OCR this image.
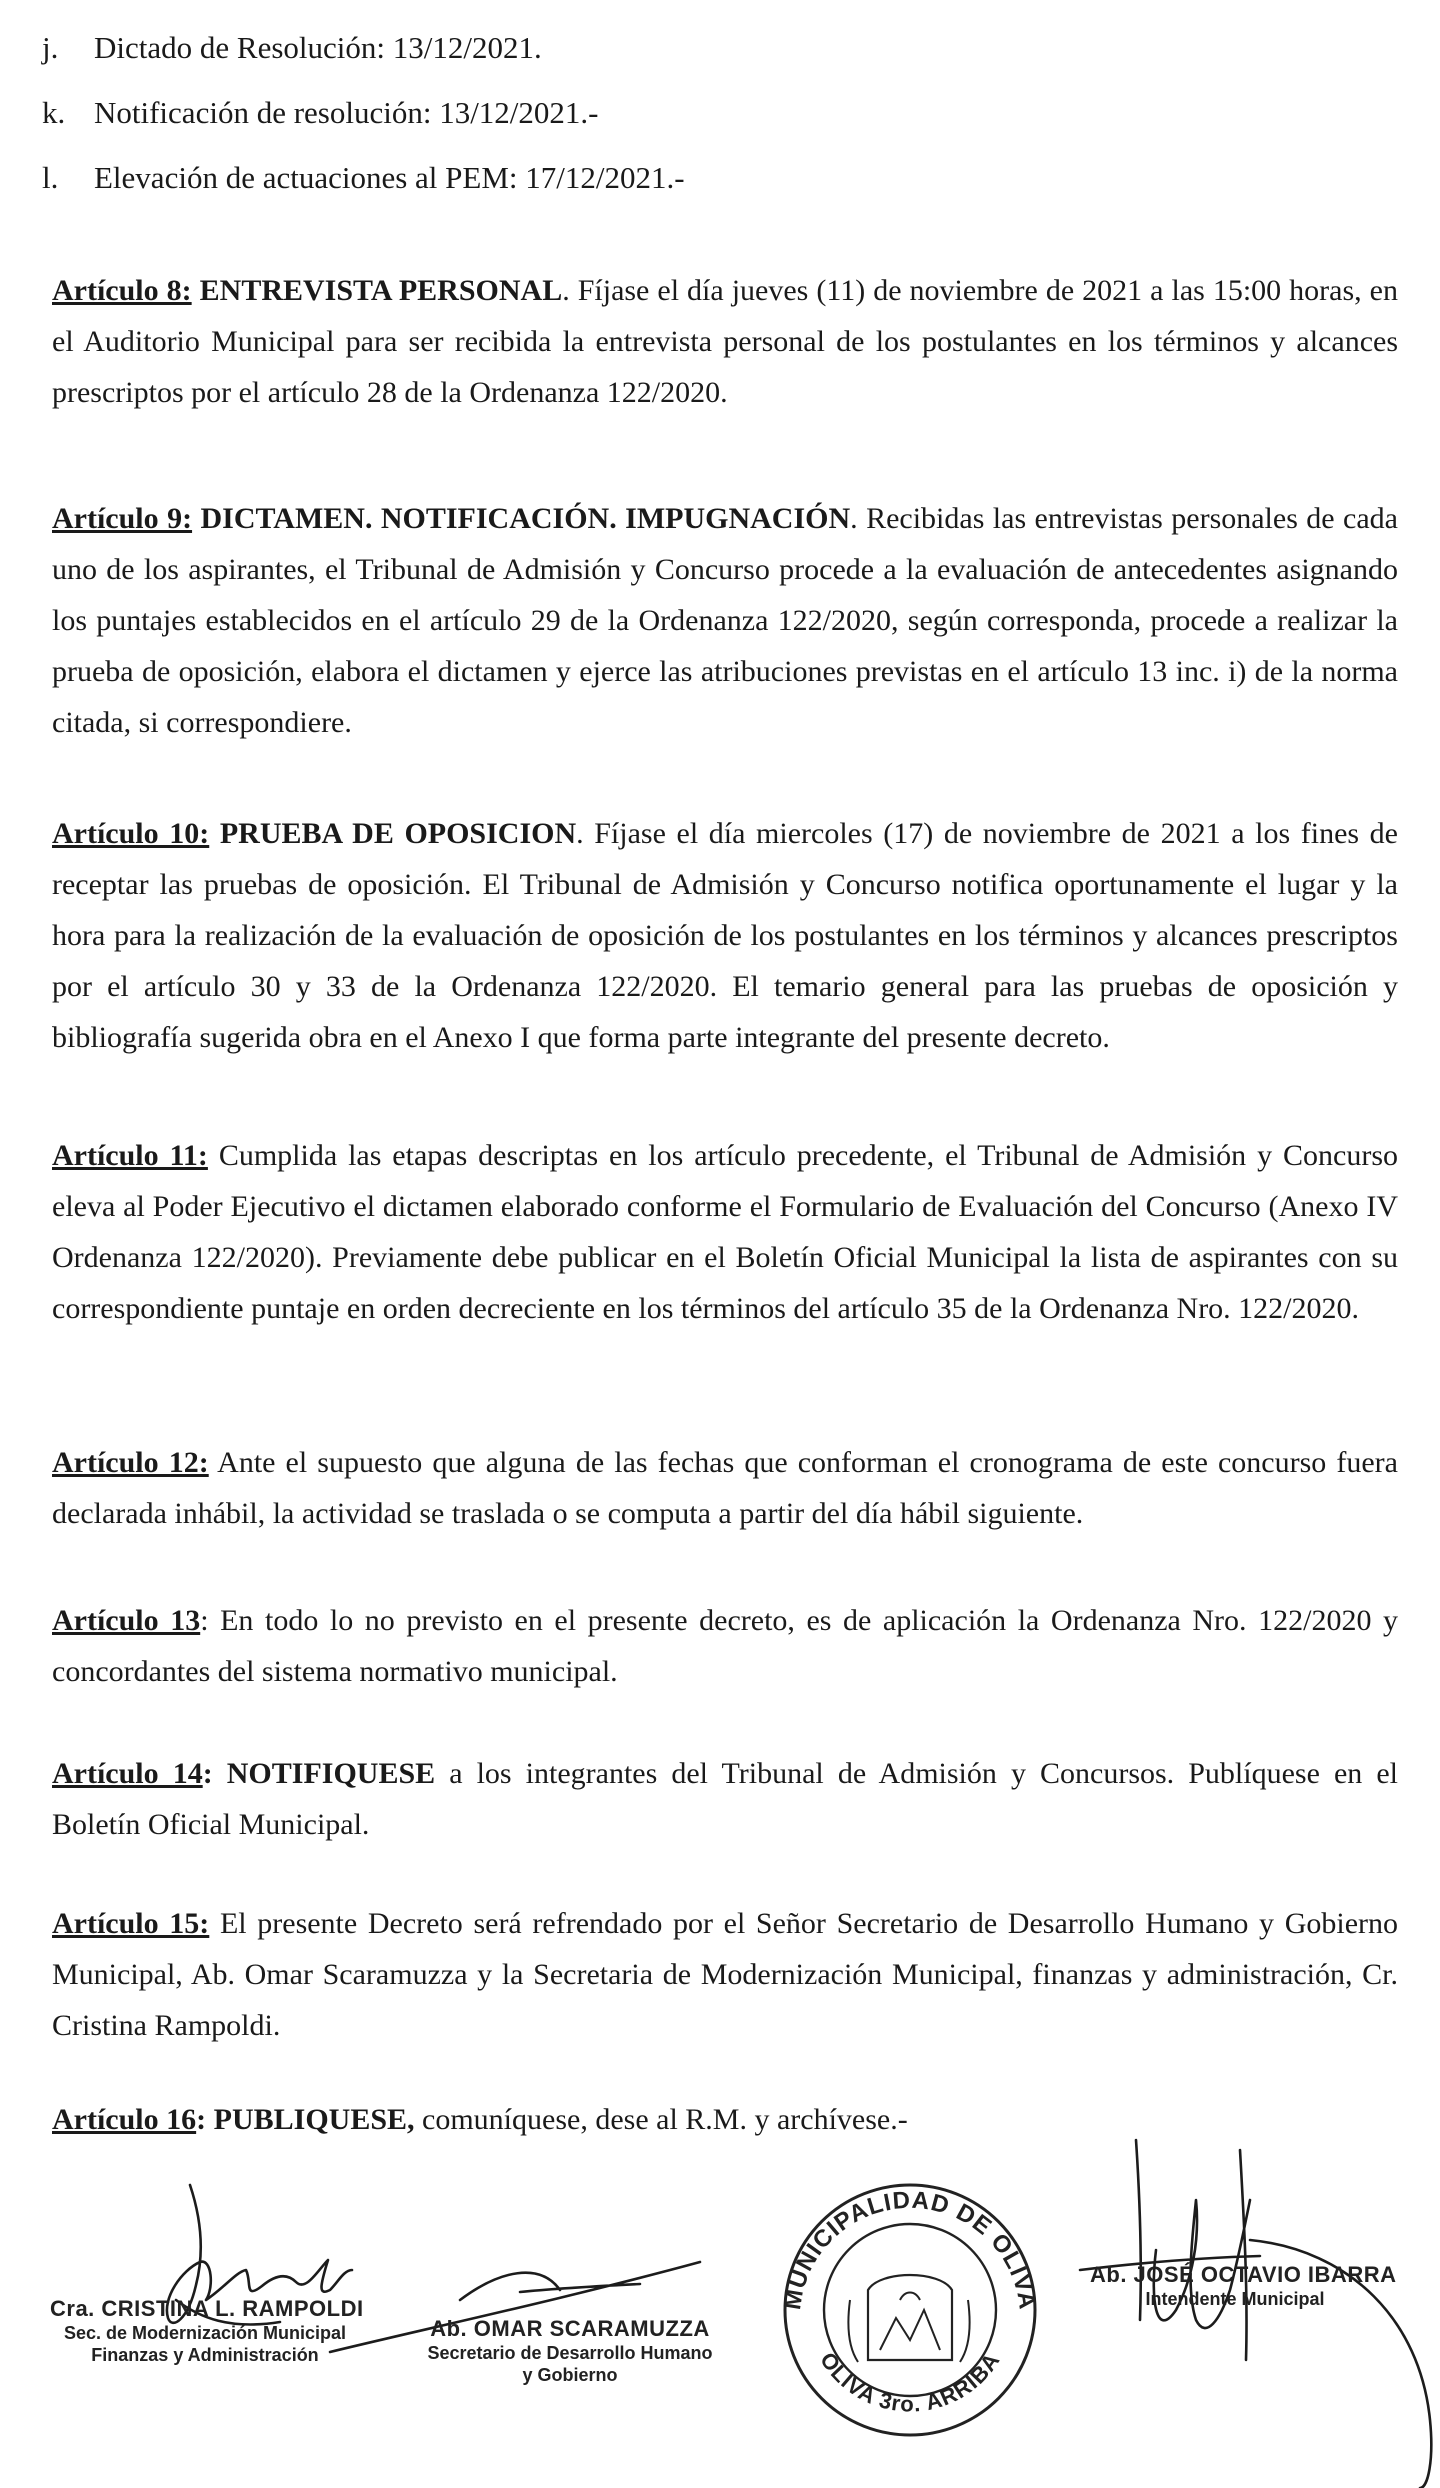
j. Dictado de Resolución: 13/12/2021.
k. Notificación de resolución: 13/12/2021.-
l. Elevación de actuaciones al PEM: 17/12/2021.-
Artículo 8: ENTREVISTA PERSONAL. Fíjase el día jueves (11) de noviembre de 2021 a las 15:00 horas, en el Auditorio Municipal para ser recibida la entrevista personal de los postulantes en los términos y alcances prescriptos por el artículo 28 de la Ordenanza 122/2020.
Artículo 9: DICTAMEN. NOTIFICACIÓN. IMPUGNACIÓN. Recibidas las entrevistas personales de cada uno de los aspirantes, el Tribunal de Admisión y Concurso procede a la evaluación de antecedentes asignando los puntajes establecidos en el artículo 29 de la Ordenanza 122/2020, según corresponda, procede a realizar la prueba de oposición, elabora el dictamen y ejerce las atribuciones previstas en el artículo 13 inc. i) de la norma citada, si correspondiere.
Artículo 10: PRUEBA DE OPOSICION. Fíjase el día miercoles (17) de noviembre de 2021 a los fines de receptar las pruebas de oposición. El Tribunal de Admisión y Concurso notifica oportunamente el lugar y la hora para la realización de la evaluación de oposición de los postulantes en los términos y alcances prescriptos por el artículo 30 y 33 de la Ordenanza 122/2020. El temario general para las pruebas de oposición y bibliografía sugerida obra en el Anexo I que forma parte integrante del presente decreto.
Artículo 11: Cumplida las etapas descriptas en los artículo precedente, el Tribunal de Admisión y Concurso eleva al Poder Ejecutivo el dictamen elaborado conforme el Formulario de Evaluación del Concurso (Anexo IV Ordenanza 122/2020). Previamente debe publicar en el Boletín Oficial Municipal la lista de aspirantes con su correspondiente puntaje en orden decreciente en los términos del artículo 35 de la Ordenanza Nro. 122/2020.
Artículo 12: Ante el supuesto que alguna de las fechas que conforman el cronograma de este concurso fuera declarada inhábil, la actividad se traslada o se computa a partir del día hábil siguiente.
Artículo 13: En todo lo no previsto en el presente decreto, es de aplicación la Ordenanza Nro. 122/2020 y concordantes del sistema normativo municipal.
Artículo 14: NOTIFIQUESE a los integrantes del Tribunal de Admisión y Concursos. Publíquese en el Boletín Oficial Municipal.
Artículo 15: El presente Decreto será refrendado por el Señor Secretario de Desarrollo Humano y Gobierno Municipal, Ab. Omar Scaramuzza y la Secretaria de Modernización Municipal, finanzas y administración, Cr. Cristina Rampoldi.
Artículo 16: PUBLIQUESE, comuníquese, dese al R.M. y archívese.-
MUNICIPALIDAD DE OLIVA
OLIVA 3ro. ARRIBA
Cra. CRISTINA L. RAMPOLDI
Sec. de Modernización Municipal
Finanzas y Administración
Ab. OMAR SCARAMUZZA
Secretario de Desarrollo Humano
y Gobierno
Ab. JOSÉ OCTAVIO IBARRA
Intendente Municipal
